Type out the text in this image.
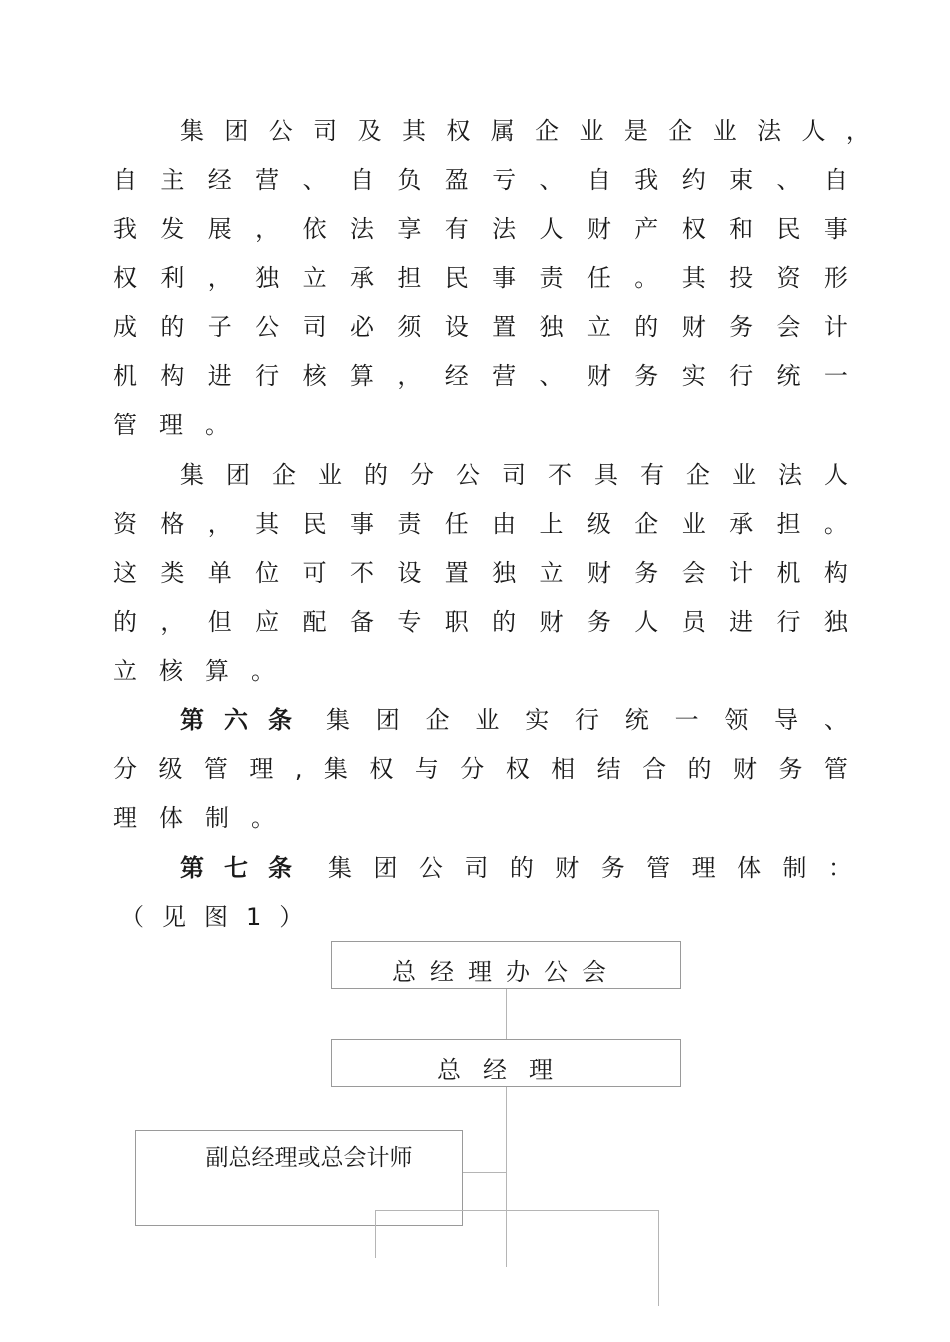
集 团 公 司 及 其 权 属 企 业 是 企 业 法 人 ，
自 主 经 营 、 自 负 盈 亏 、 自 我 约 束 、 自
我 发 展 ， 依 法 享 有 法 人 财 产 权 和 民 事
权 利 ， 独 立 承 担 民 事 责 任 。 其 投 资 形
成 的 子 公 司 必 须 设 置 独 立 的 财 务 会 计
机 构 进 行 核 算 ， 经 营 、 财 务 实 行 统 一
管理。
集 团 企 业 的 分 公 司 不 具 有 企 业 法 人
资 格 ， 其 民 事 责 任 由 上 级 企 业 承 担 。
这 类 单 位 可 不 设 置 独 立 财 务 会 计 机 构
的 ， 但 应 配 备 专 职 的 财 务 人 员 进 行 独
立核算。
第六条 集 团 企 业 实 行 统 一 领 导 、
分 级 管 理 , 集 权 与 分 权 相 结 合 的 财 务 管
理体制。
第七条 集 团 公 司 的 财 务 管 理 体 制 ：
（见图1）
总经理办公会
总经理
副总经理或总会计师
